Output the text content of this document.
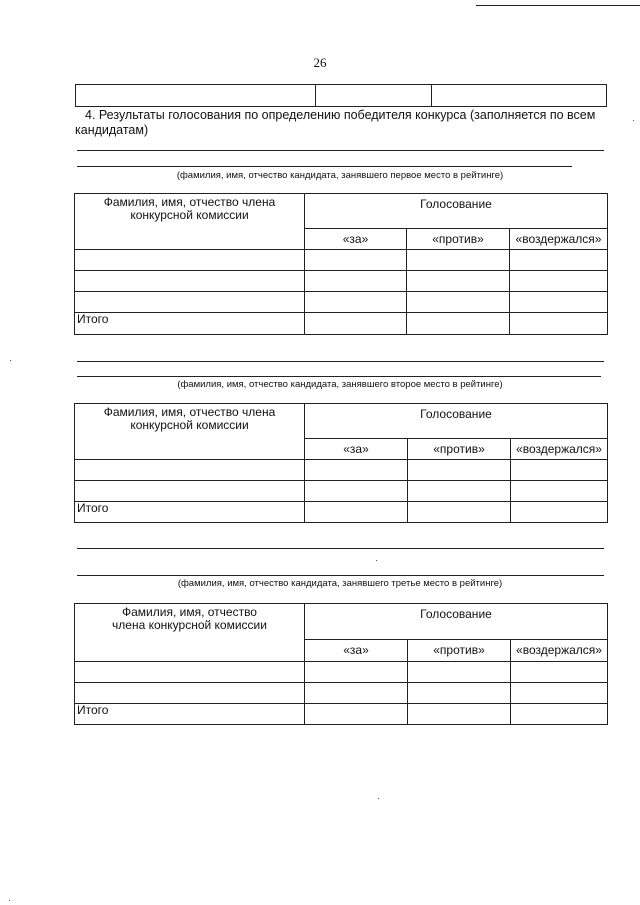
26

4. Результаты голосования по определению победителя конкурса (заполняется по всем кандидатам)
(фамилия, имя, отчество кандидата, занявшего первое место в рейтинге)
Фамилия, имя, отчество члена конкурсной комиссии	Голосование		
	«за»	«против»	«воздержался»

Итого			
(фамилия, имя, отчество кандидата, занявшего второе место в рейтинге)
Фамилия, имя, отчество члена конкурсной комиссии	Голосование		
	«за»	«против»	«воздержался»

Итого			
(фамилия, имя, отчество кандидата, занявшего третье место в рейтинге)
Фамилия, имя, отчество
члена конкурсной комиссии	Голосование		
	«за»	«против»	«воздержался»

Итого			
